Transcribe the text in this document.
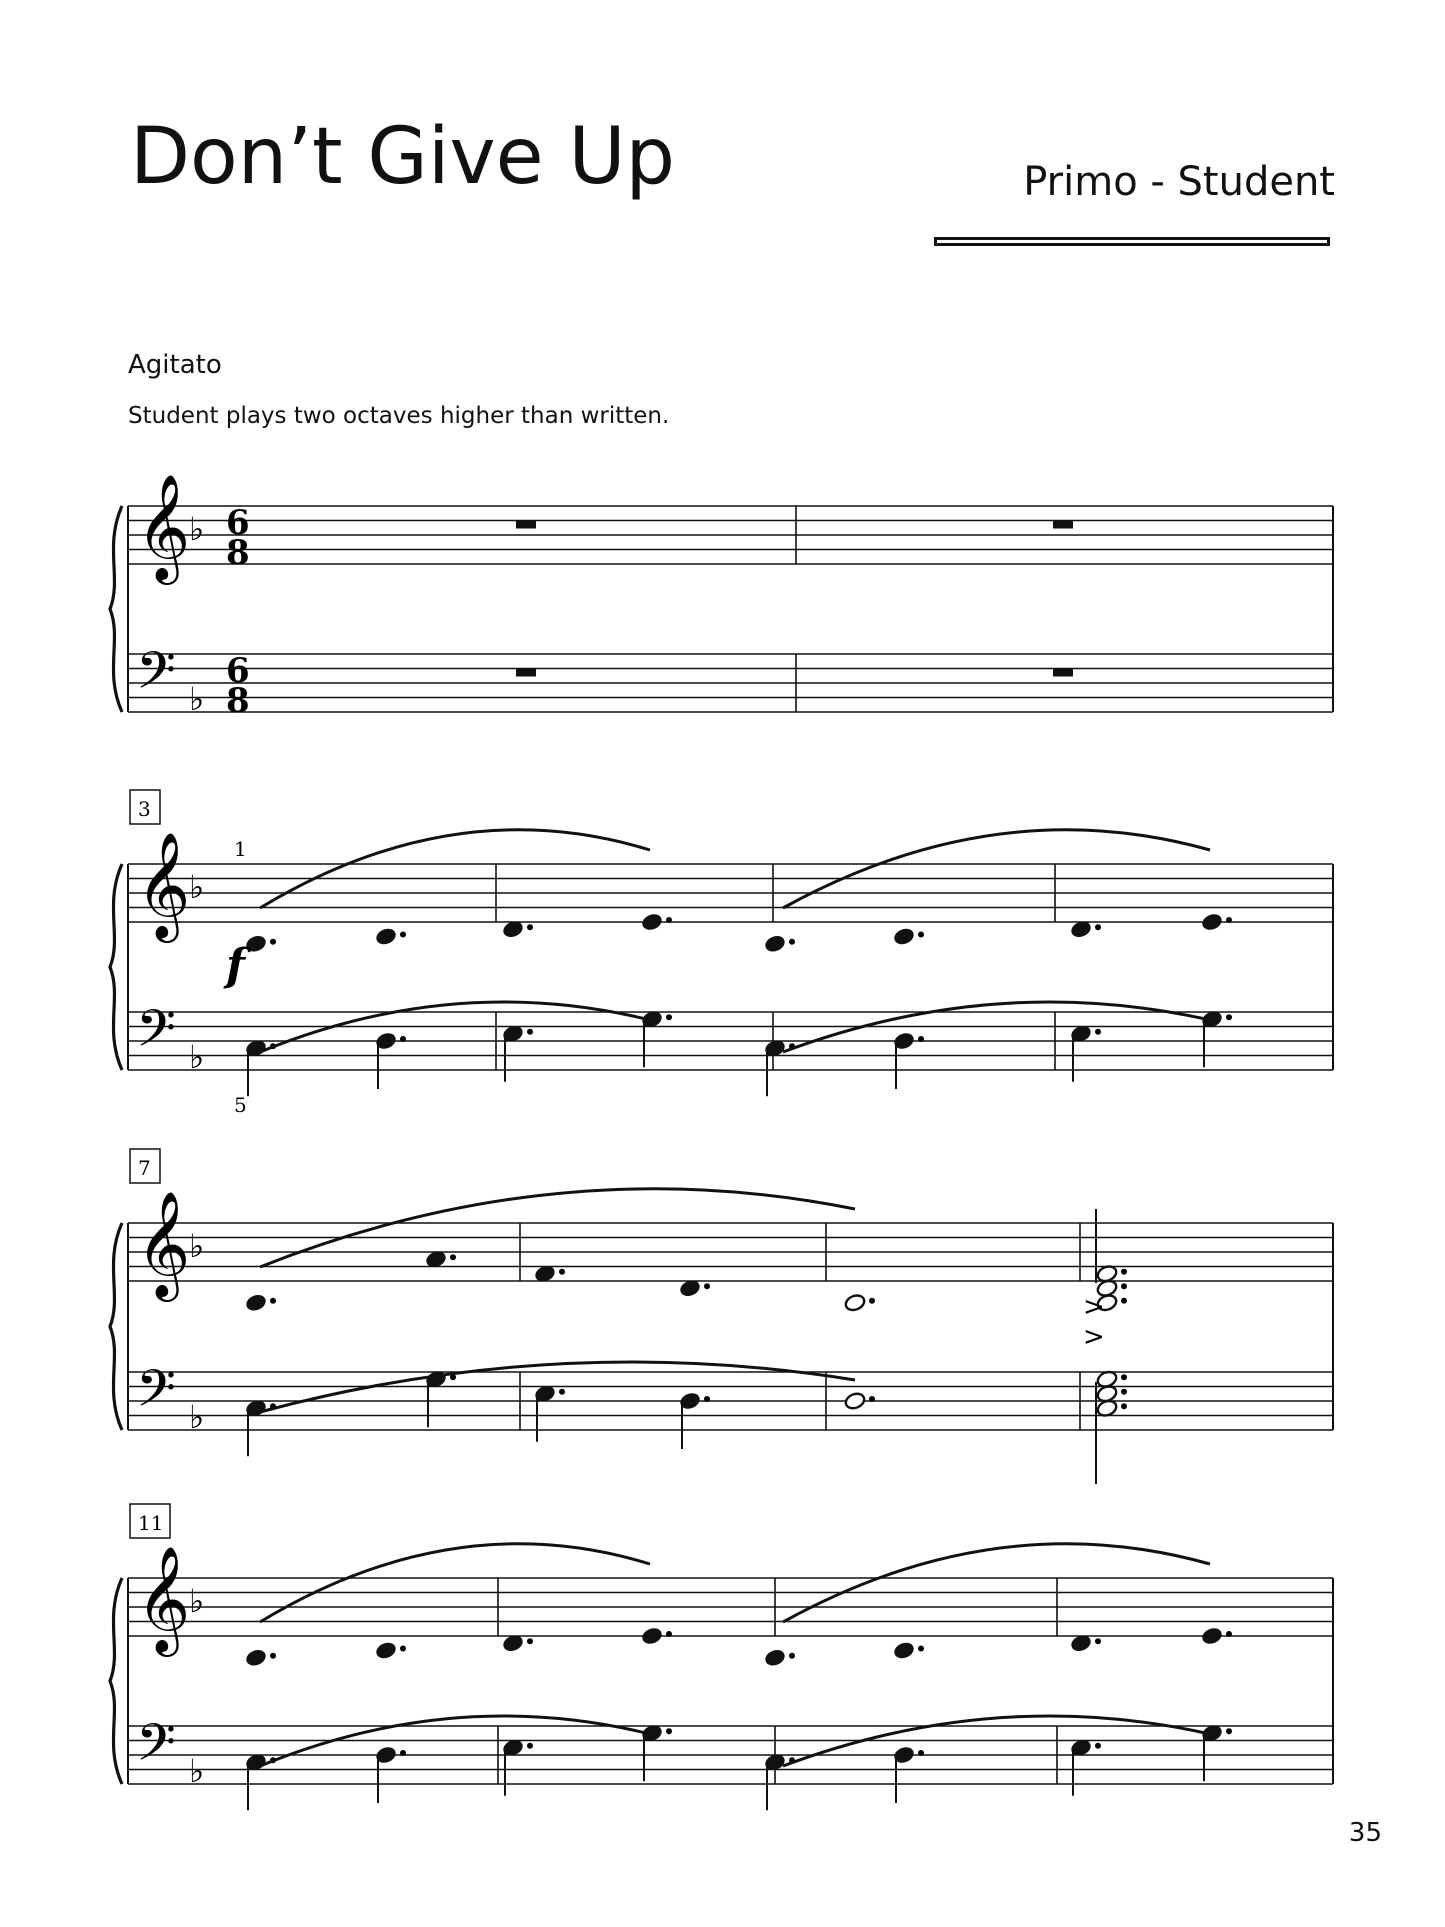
Don’t Give Up	Primo - Student
Agitato
Student plays two octaves higher than written.
𝄞
𝄢
♭
♭
6
8
6
8
𝄞
𝄢
♭
♭
3
1
5
f
𝄞
𝄢
♭
♭
7
>
>
𝄞
𝄢
♭
♭
11
35
